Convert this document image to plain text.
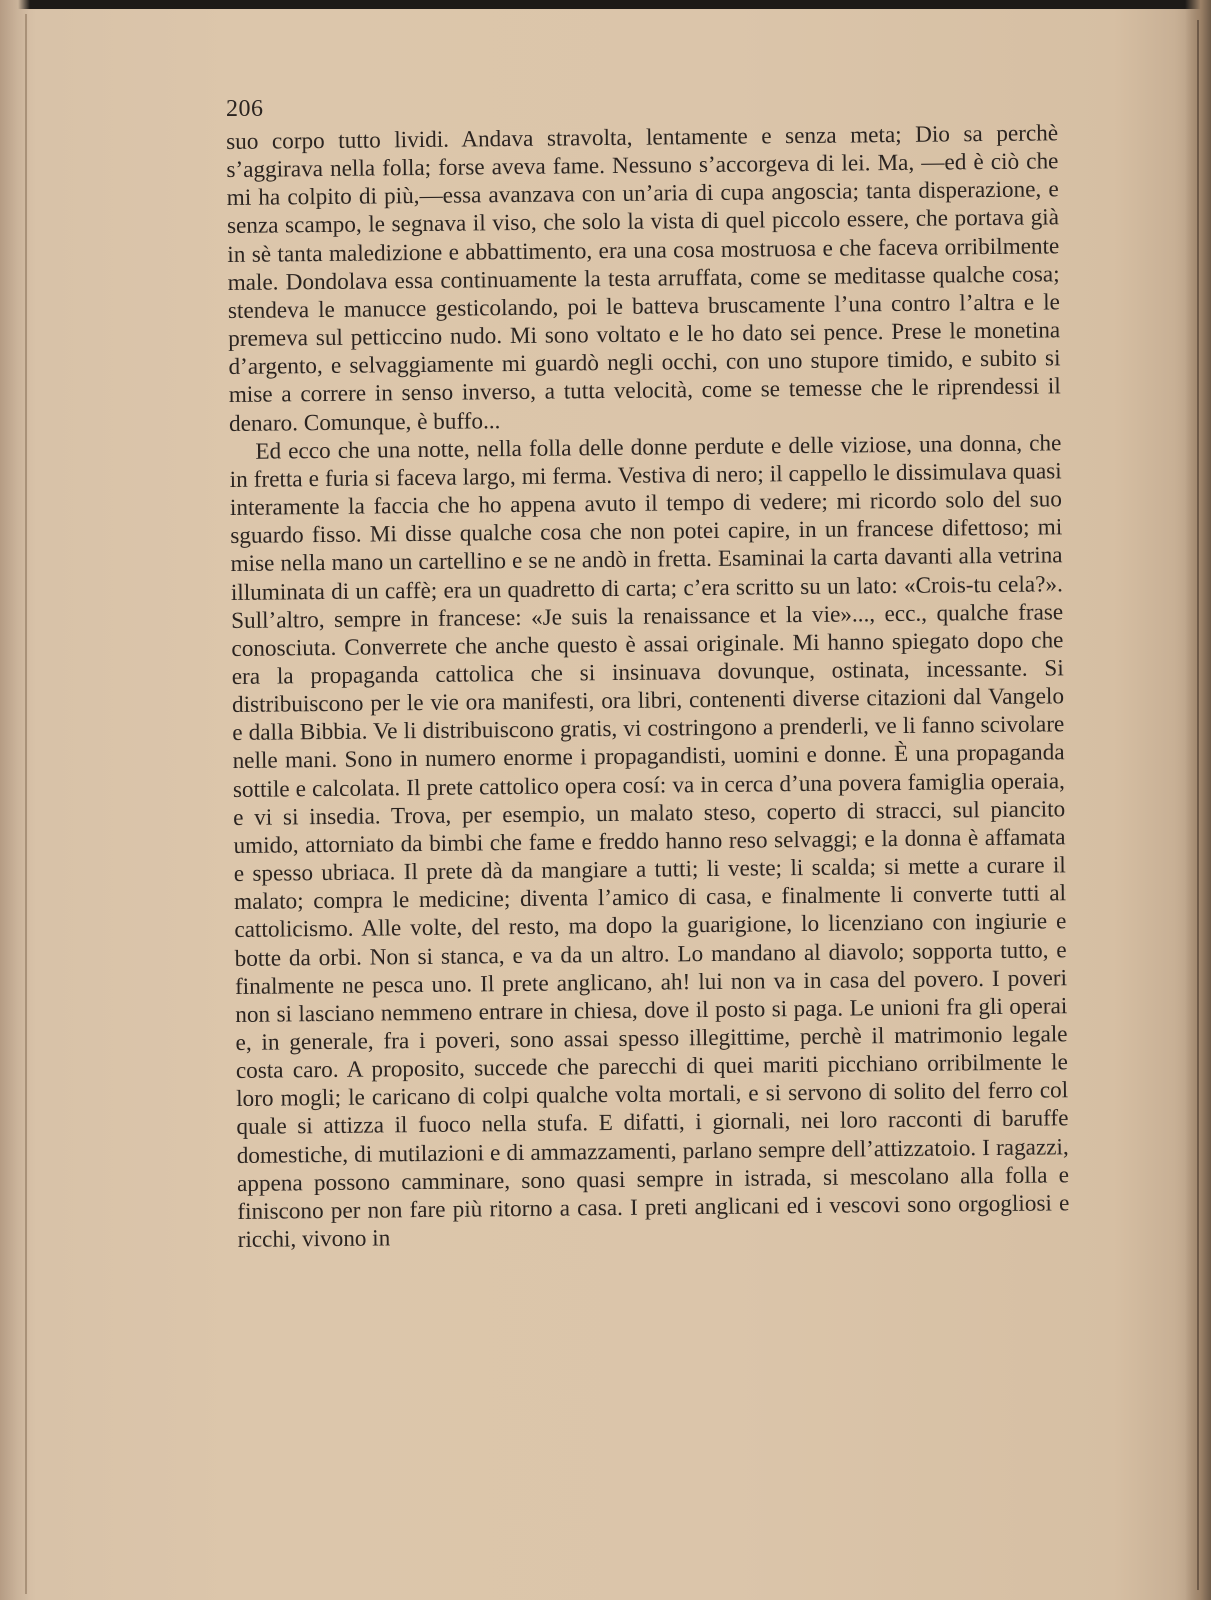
206

suo corpo tutto lividi. Andava stravolta, lentamente e senza meta; Dio sa perchè s’aggirava nella folla; forse aveva fame. Nessuno s’accorgeva di lei. Ma, —ed è ciò che mi ha colpito di più,—essa avanzava con un’aria di cupa angoscia; tanta disperazione, e senza scampo, le segnava il viso, che solo la vista di quel piccolo essere, che portava già in sè tanta maledizione e abbattimento, era una cosa mostruosa e che faceva orribilmente male. Dondolava essa continuamente la testa arruffata, come se meditasse qualche cosa; stendeva le manucce gesticolando, poi le batteva bruscamente l’una contro l’altra e le premeva sul petticcino nudo. Mi sono voltato e le ho dato sei pence. Prese le monetina d’argento, e selvaggiamente mi guardò negli occhi, con uno stupore timido, e subito si mise a correre in senso inverso, a tutta velocità, come se temesse che le riprendessi il denaro. Comunque, è buffo...

Ed ecco che una notte, nella folla delle donne perdute e delle viziose, una donna, che in fretta e furia si faceva largo, mi ferma. Vestiva di nero; il cappello le dissimulava quasi interamente la faccia che ho appena avuto il tempo di vedere; mi ricordo solo del suo sguardo fisso. Mi disse qualche cosa che non potei capire, in un francese difettoso; mi mise nella mano un cartellino e se ne andò in fretta. Esaminai la carta davanti alla vetrina illuminata di un caffè; era un quadretto di carta; c’era scritto su un lato: «Crois-tu cela?». Sull’altro, sempre in francese: «Je suis la renaissance et la vie»..., ecc., qualche frase conosciuta. Converrete che anche questo è assai originale. Mi hanno spiegato dopo che era la propaganda cattolica che si insinuava dovunque, ostinata, incessante. Si distribuiscono per le vie ora manifesti, ora libri, contenenti diverse citazioni dal Vangelo e dalla Bibbia. Ve li distribuiscono gratis, vi costringono a prenderli, ve li fanno scivolare nelle mani. Sono in numero enorme i propagandisti, uomini e donne. È una propaganda sottile e calcolata. Il prete cattolico opera cosí: va in cerca d’una povera famiglia operaia, e vi si insedia. Trova, per esempio, un malato steso, coperto di stracci, sul piancito umido, attorniato da bimbi che fame e freddo hanno reso selvaggi; e la donna è affamata e spesso ubriaca. Il prete dà da mangiare a tutti; li veste; li scalda; si mette a curare il malato; compra le medicine; diventa l’amico di casa, e finalmente li converte tutti al cattolicismo. Alle volte, del resto, ma dopo la guarigione, lo licenziano con ingiurie e botte da orbi. Non si stanca, e va da un altro. Lo mandano al diavolo; sopporta tutto, e finalmente ne pesca uno. Il prete anglicano, ah! lui non va in casa del povero. I poveri non si lasciano nemmeno entrare in chiesa, dove il posto si paga. Le unioni fra gli operai e, in generale, fra i poveri, sono assai spesso illegittime, perchè il matrimonio legale costa caro. A proposito, succede che parecchi di quei mariti picchiano orribilmente le loro mogli; le caricano di colpi qualche volta mortali, e si servono di solito del ferro col quale si attizza il fuoco nella stufa. E difatti, i giornali, nei loro racconti di baruffe domestiche, di mutilazioni e di ammazzamenti, parlano sempre dell’attizzatoio. I ragazzi, appena possono camminare, sono quasi sempre in istrada, si mescolano alla folla e finiscono per non fare più ritorno a casa. I preti anglicani ed i vescovi sono orgogliosi e ricchi, vivono in
